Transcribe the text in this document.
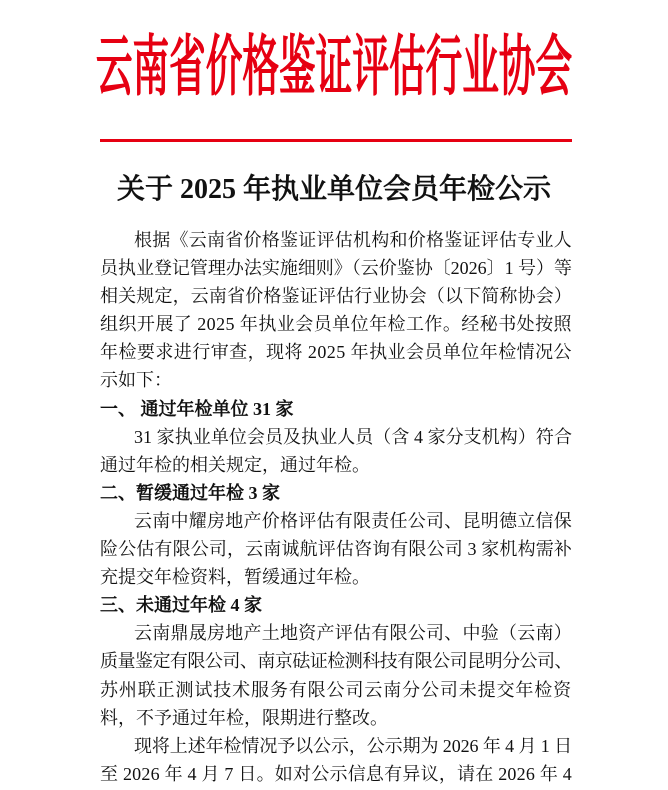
云南省价格鉴证评估行业协会
关于 2025 年执业单位会员年检公示
根据《云南省价格鉴证评估机构和价格鉴证评估专业人
员执业登记管理办法实施细则》（云价鉴协〔2026〕1 号）等
相关规定，云南省价格鉴证评估行业协会（以下简称协会）
组织开展了 2025 年执业会员单位年检工作。经秘书处按照
年检要求进行审查，现将 2025 年执业会员单位年检情况公
示如下：
一、 通过年检单位 31 家
31 家执业单位会员及执业人员（含 4 家分支机构）符合
通过年检的相关规定，通过年检。
二、暂缓通过年检 3 家
云南中耀房地产价格评估有限责任公司、昆明德立信保
险公估有限公司，云南诚航评估咨询有限公司 3 家机构需补
充提交年检资料，暂缓通过年检。
三、未通过年检 4 家
云南鼎晟房地产土地资产评估有限公司、中验（云南）
质量鉴定有限公司、南京砝证检测科技有限公司昆明分公司、
苏州联正测试技术服务有限公司云南分公司未提交年检资
料，不予通过年检，限期进行整改。
现将上述年检情况予以公示，公示期为 2026 年 4 月 1 日
至 2026 年 4 月 7 日。如对公示信息有异议，请在 2026 年 4
